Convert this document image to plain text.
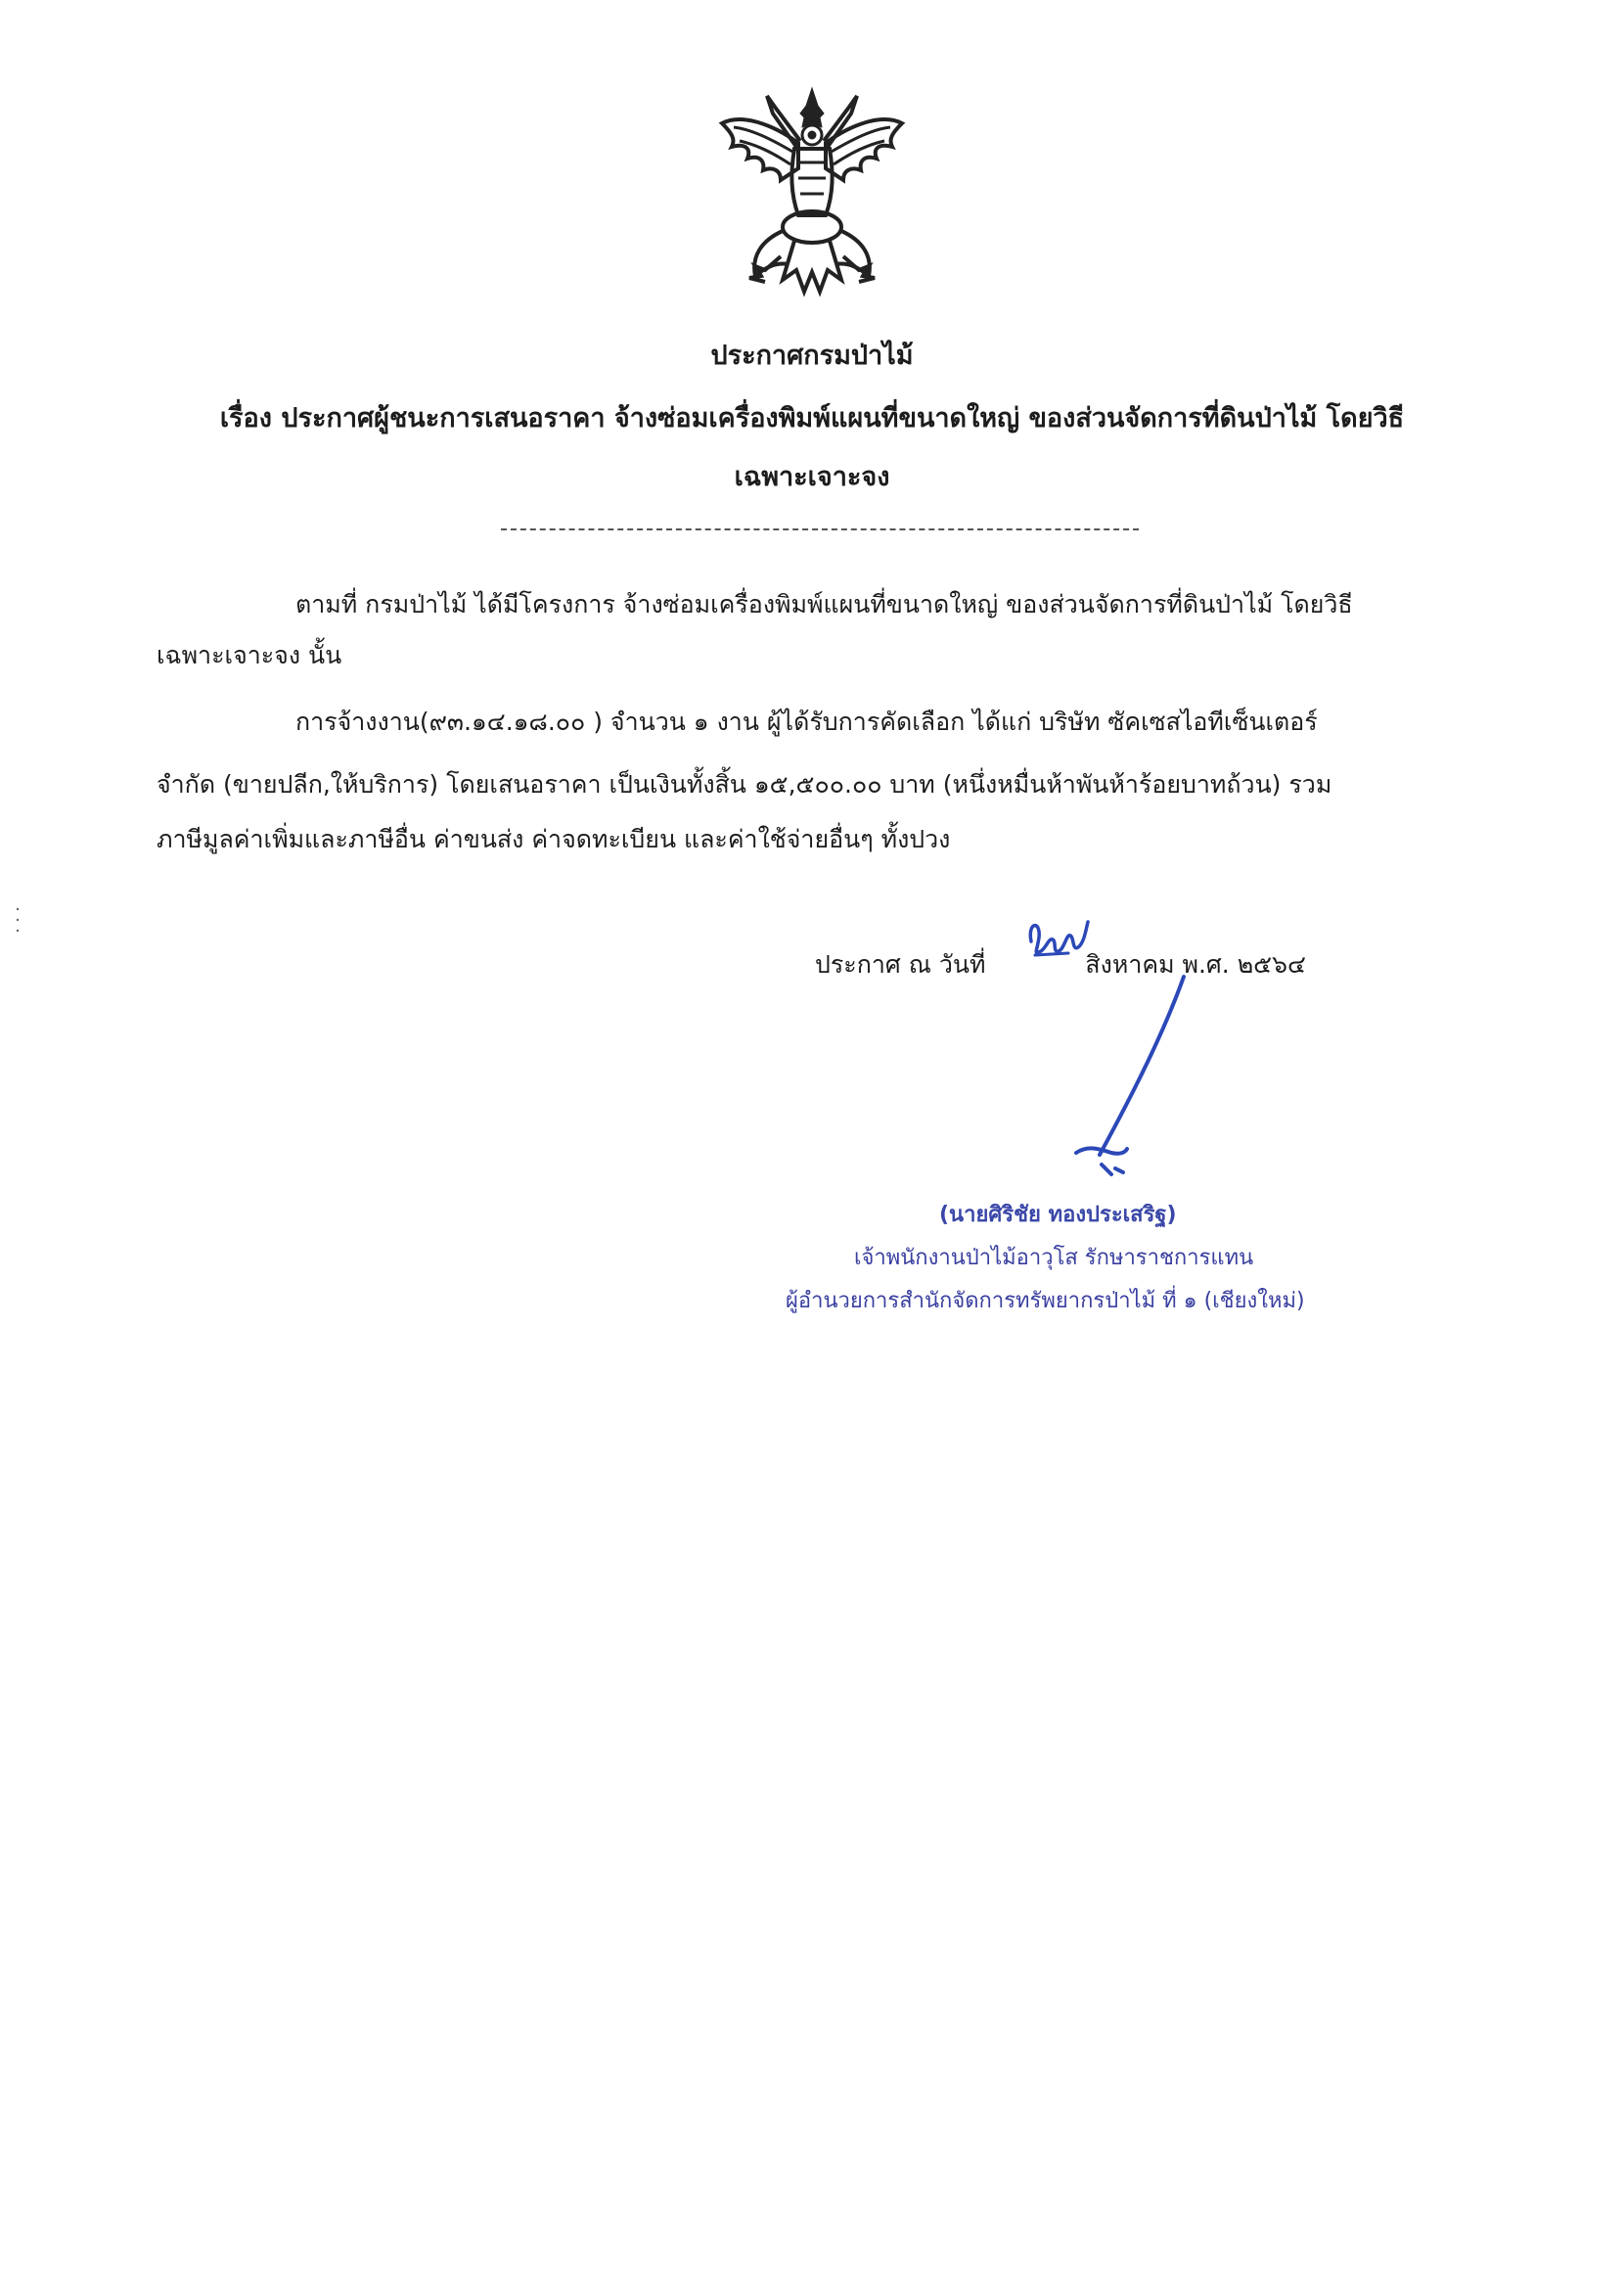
ประกาศกรมป่าไม้
เรื่อง ประกาศผู้ชนะการเสนอราคา จ้างซ่อมเครื่องพิมพ์แผนที่ขนาดใหญ่ ของส่วนจัดการที่ดินป่าไม้ โดยวิธี
เฉพาะเจาะจง
ตามที่ กรมป่าไม้ ได้มีโครงการ จ้างซ่อมเครื่องพิมพ์แผนที่ขนาดใหญ่ ของส่วนจัดการที่ดินป่าไม้ โดยวิธี
เฉพาะเจาะจง นั้น
การจ้างงาน(๙๓.๑๔.๑๘.๐๐ ) จำนวน ๑ งาน ผู้ได้รับการคัดเลือก ได้แก่ บริษัท ซัคเซสไอทีเซ็นเตอร์
จำกัด (ขายปลีก,ให้บริการ) โดยเสนอราคา เป็นเงินทั้งสิ้น ๑๕,๕๐๐.๐๐ บาท (หนึ่งหมื่นห้าพันห้าร้อยบาทถ้วน) รวม
ภาษีมูลค่าเพิ่มและภาษีอื่น ค่าขนส่ง ค่าจดทะเบียน และค่าใช้จ่ายอื่นๆ ทั้งปวง
ประกาศ ณ วันที่	สิงหาคม พ.ศ. ๒๕๖๔
(นายศิริชัย ทองประเสริฐ)
เจ้าพนักงานป่าไม้อาวุโส รักษาราชการแทน
ผู้อำนวยการสำนักจัดการทรัพยากรป่าไม้ ที่ ๑ (เชียงใหม่)
